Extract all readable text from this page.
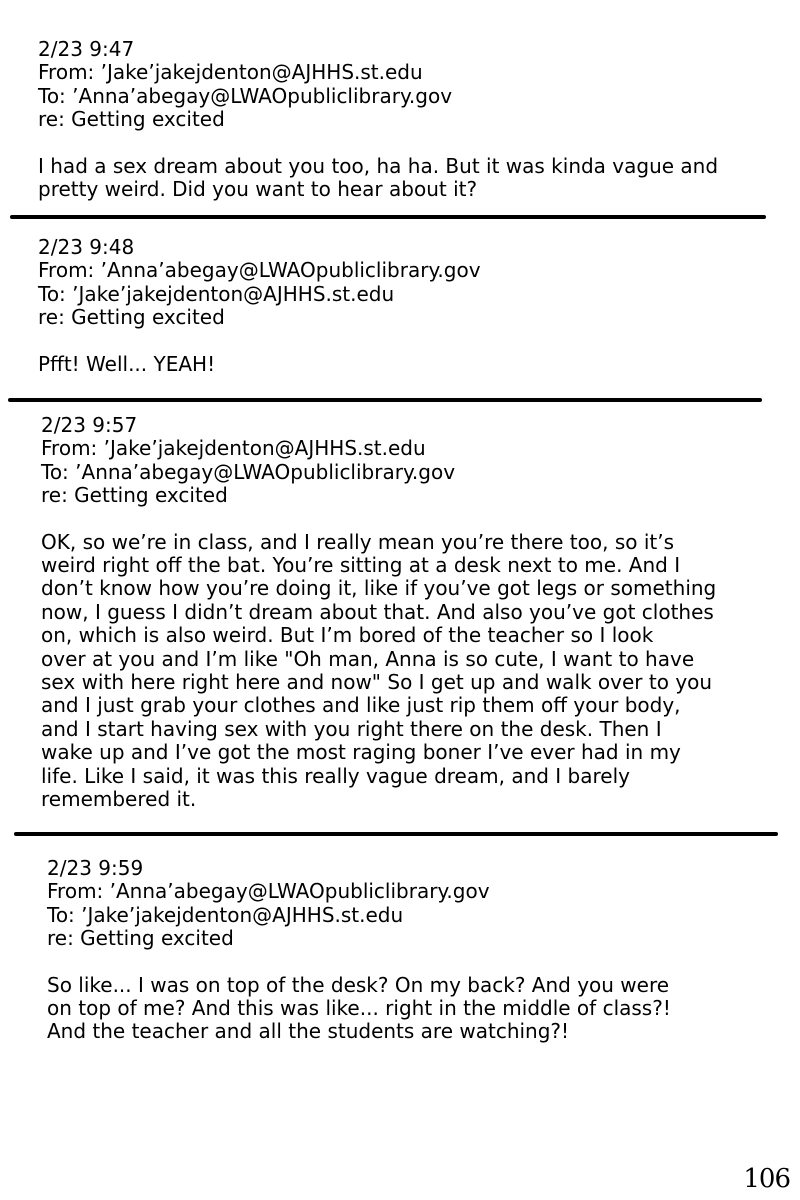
2/23 9:47

From: ’Jake’jakejdenton@AJHHS.st.edu

To: ’Anna’abegay@LWAOpubliclibrary.gov

re: Getting excited

I had a sex dream about you too, ha ha. But it was kinda vague and

pretty weird. Did you want to hear about it?

2/23 9:48

From: ’Anna’abegay@LWAOpubliclibrary.gov

To: ’Jake’jakejdenton@AJHHS.st.edu

re: Getting excited

Pfft! Well... YEAH!

2/23 9:57

From: ’Jake’jakejdenton@AJHHS.st.edu

To: ’Anna’abegay@LWAOpubliclibrary.gov

re: Getting excited

OK, so we’re in class, and I really mean you’re there too, so it’s

weird right off the bat. You’re sitting at a desk next to me. And I

don’t know how you’re doing it, like if you’ve got legs or something

now, I guess I didn’t dream about that. And also you’ve got clothes

on, which is also weird. But I’m bored of the teacher so I look

over at you and I’m like "Oh man, Anna is so cute, I want to have

sex with here right here and now" So I get up and walk over to you

and I just grab your clothes and like just rip them off your body,

and I start having sex with you right there on the desk. Then I

wake up and I’ve got the most raging boner I’ve ever had in my

life. Like I said, it was this really vague dream, and I barely

remembered it.

2/23 9:59

From: ’Anna’abegay@LWAOpubliclibrary.gov

To: ’Jake’jakejdenton@AJHHS.st.edu

re: Getting excited

So like... I was on top of the desk? On my back? And you were

on top of me? And this was like... right in the middle of class?!

And the teacher and all the students are watching?!

106
